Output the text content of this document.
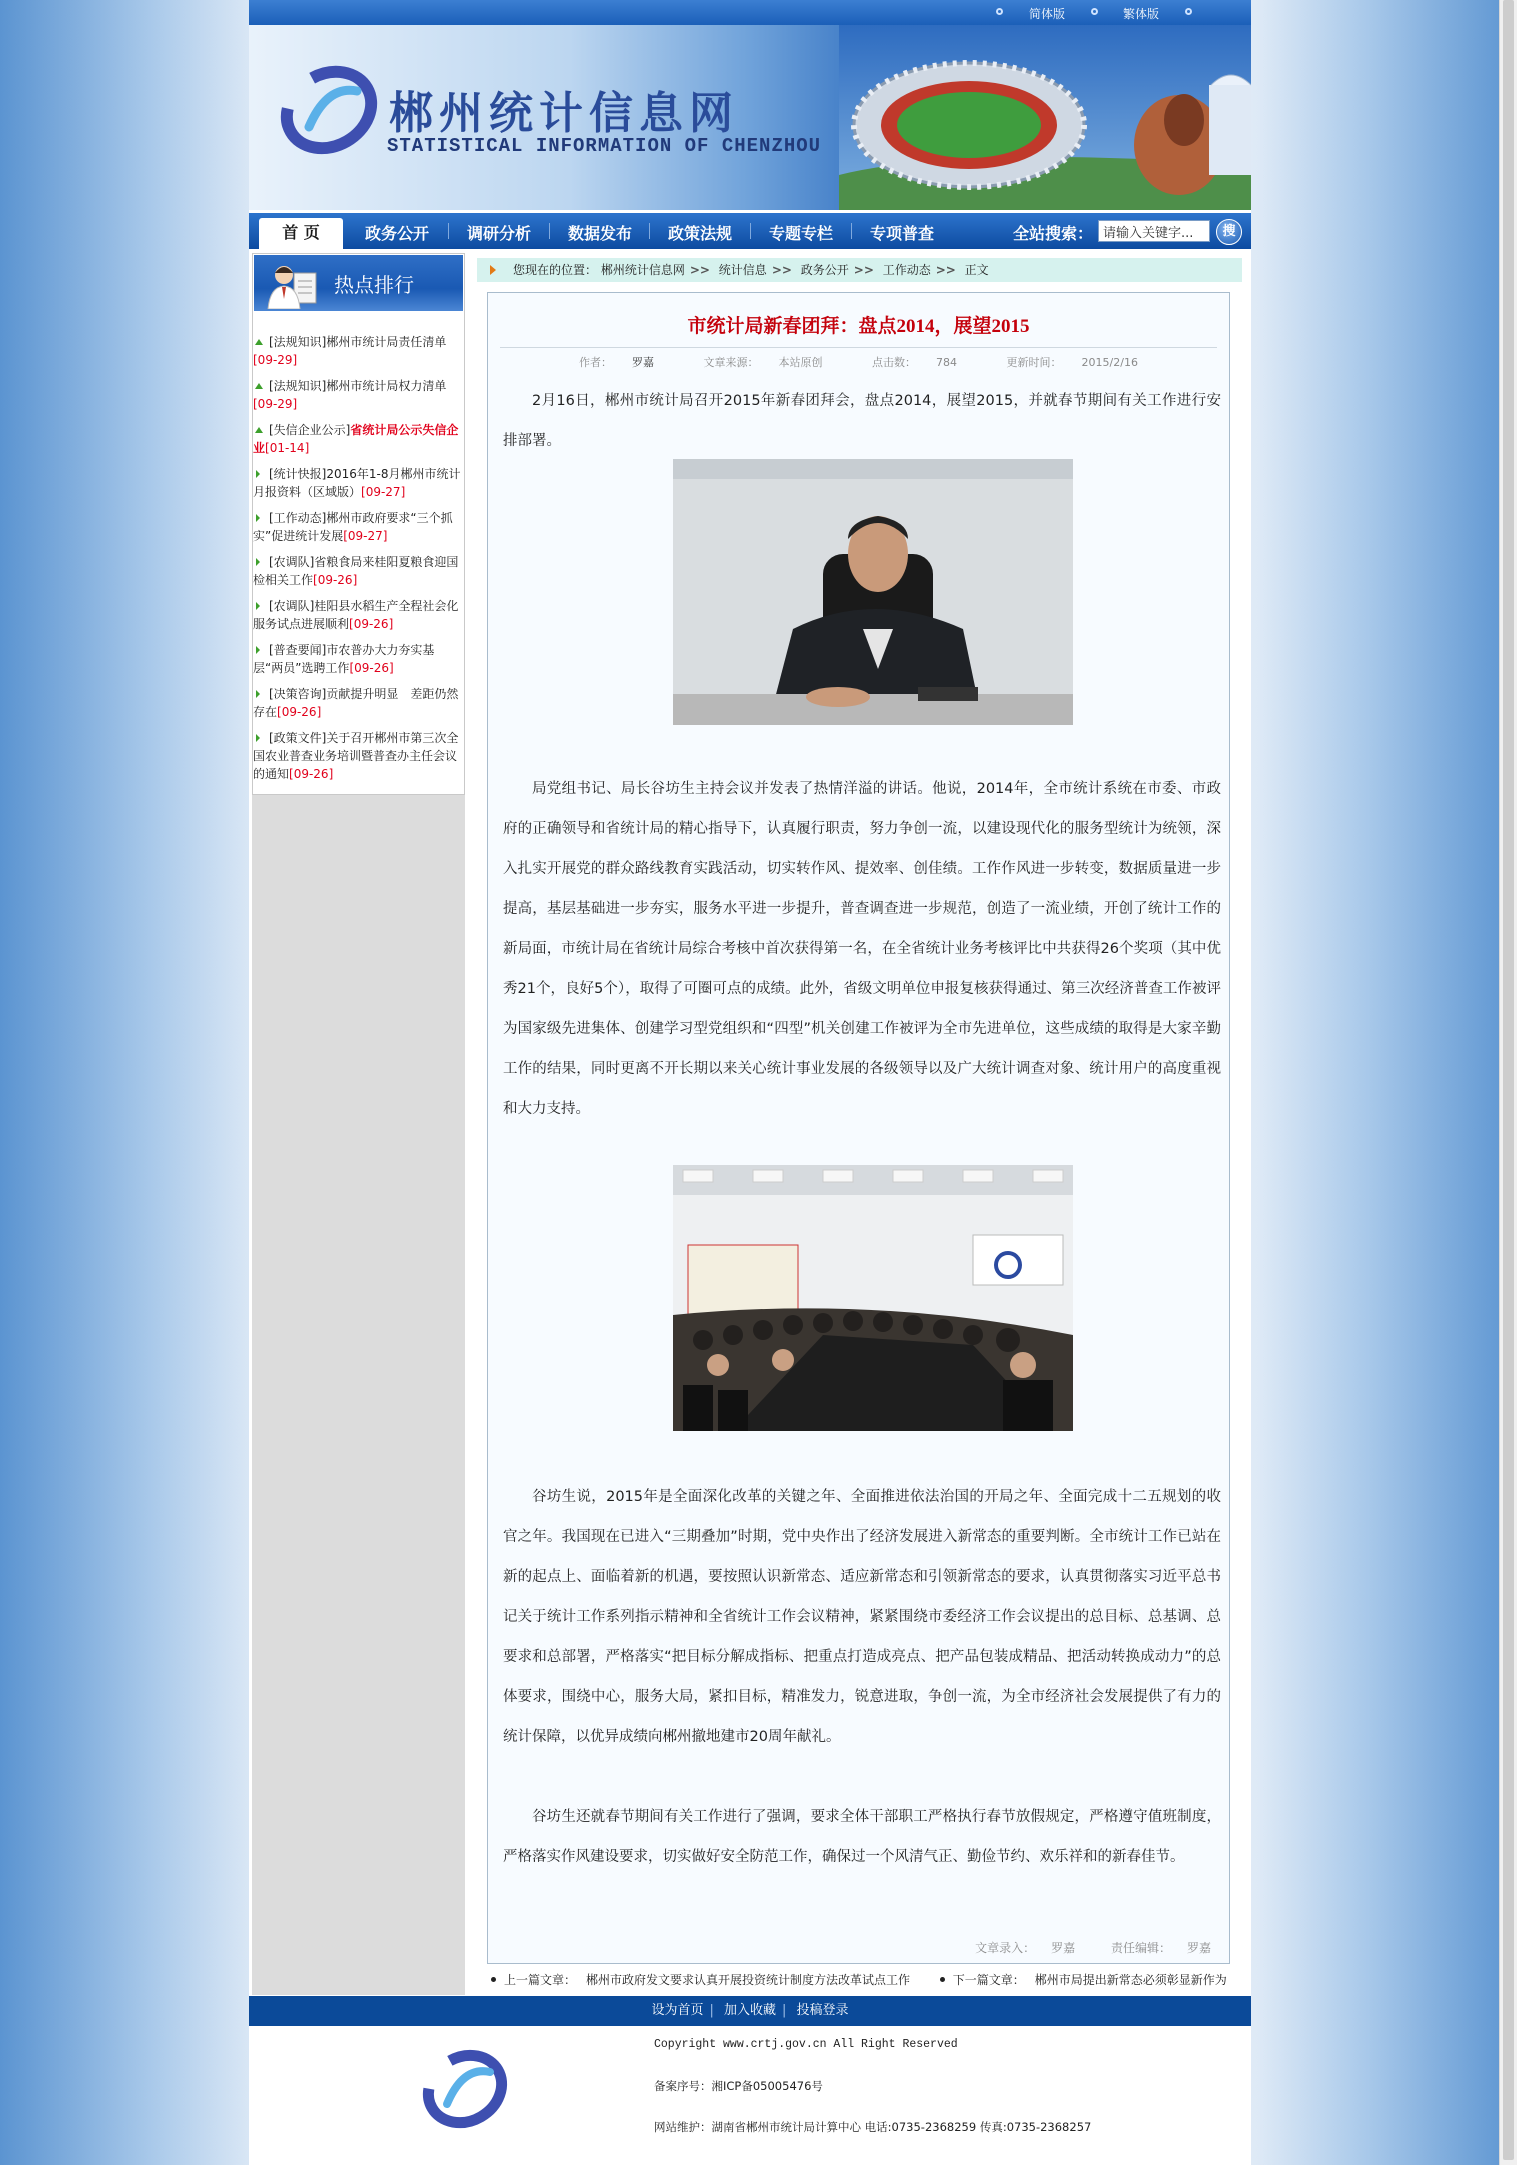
简体版	繁体版
郴州统计信息网
STATISTICAL INFORMATION OF CHENZHOU
首 页	政务公开	调研分析	数据发布	政策法规	专题专栏	专项普查	全站搜索：
请输入关键字...	搜
热点排行
[法规知识]郴州市统计局责任清单[09-29]
[法规知识]郴州市统计局权力清单[09-29]
[失信企业公示]省统计局公示失信企业[01-14]
[统计快报]2016年1-8月郴州市统计月报资料（区域版）[09-27]
[工作动态]郴州市政府要求“三个抓实”促进统计发展[09-27]
[农调队]省粮食局来桂阳夏粮食迎国检相关工作[09-26]
[农调队]桂阳县水稻生产全程社会化服务试点进展顺利[09-26]
[普查要闻]市农普办大力夯实基层“两员”选聘工作[09-26]
[决策咨询]贡献提升明显　差距仍然存在[09-26]
[政策文件]关于召开郴州市第三次全国农业普查业务培训暨普查办主任会议的通知[09-26]
您现在的位置： 郴州统计信息网 >> 统计信息 >> 政务公开 >> 工作动态 >> 正文
市统计局新春团拜：盘点2014，展望2015
作者： 罗嘉	文章来源： 本站原创	点击数： 784	更新时间： 2015/2/16

2月16日，郴州市统计局召开2015年新春团拜会，盘点2014，展望2015，并就春节期间有关工作进行安排部署。

局党组书记、局长谷坊生主持会议并发表了热情洋溢的讲话。他说，2014年，全市统计系统在市委、市政府的正确领导和省统计局的精心指导下，认真履行职责，努力争创一流，以建设现代化的服务型统计为统领，深入扎实开展党的群众路线教育实践活动，切实转作风、提效率、创佳绩。工作作风进一步转变，数据质量进一步提高，基层基础进一步夯实，服务水平进一步提升，普查调查进一步规范，创造了一流业绩，开创了统计工作的新局面，市统计局在省统计局综合考核中首次获得第一名，在全省统计业务考核评比中共获得26个奖项（其中优秀21个，良好5个），取得了可圈可点的成绩。此外，省级文明单位申报复核获得通过、第三次经济普查工作被评为国家级先进集体、创建学习型党组织和“四型”机关创建工作被评为全市先进单位，这些成绩的取得是大家辛勤工作的结果，同时更离不开长期以来关心统计事业发展的各级领导以及广大统计调查对象、统计用户的高度重视和大力支持。

谷坊生说，2015年是全面深化改革的关键之年、全面推进依法治国的开局之年、全面完成十二五规划的收官之年。我国现在已进入“三期叠加”时期，党中央作出了经济发展进入新常态的重要判断。全市统计工作已站在新的起点上、面临着新的机遇，要按照认识新常态、适应新常态和引领新常态的要求，认真贯彻落实习近平总书记关于统计工作系列指示精神和全省统计工作会议精神，紧紧围绕市委经济工作会议提出的总目标、总基调、总要求和总部署，严格落实“把目标分解成指标、把重点打造成亮点、把产品包装成精品、把活动转换成动力”的总体要求，围绕中心，服务大局，紧扣目标，精准发力，锐意进取，争创一流，为全市经济社会发展提供了有力的统计保障，以优异成绩向郴州撤地建市20周年献礼。

谷坊生还就春节期间有关工作进行了强调，要求全体干部职工严格执行春节放假规定，严格遵守值班制度，严格落实作风建设要求，切实做好安全防范工作，确保过一个风清气正、勤俭节约、欢乐祥和的新春佳节。

文章录入： 罗嘉	责任编辑： 罗嘉
上一篇文章： 郴州市政府发文要求认真开展投资统计制度方法改革试点工作	下一篇文章： 郴州市局提出新常态必须彰显新作为
设为首页 | 加入收藏 | 投稿登录
Copyright www.crtj.gov.cn All Right Reserved
备案序号：湘ICP备05005476号
网站维护：湖南省郴州市统计局计算中心 电话:0735-2368259 传真:0735-2368257
